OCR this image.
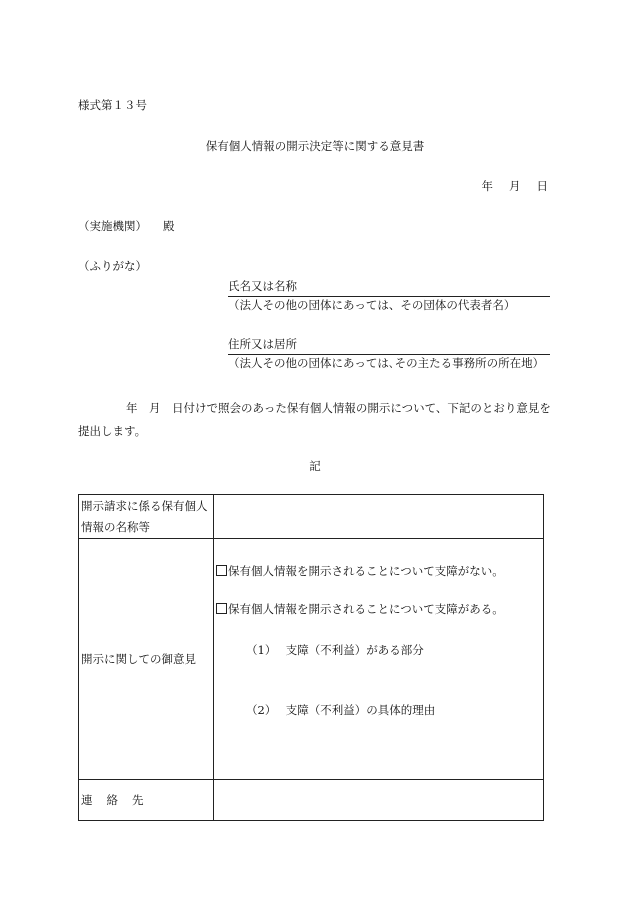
様式第１３号
保有個人情報の開示決定等に関する意見書
年 月 日
（実施機関） 殿
（ふりがな）
氏名又は名称
（法人その他の団体にあっては、その団体の代表者名）
住所又は居所
（法人その他の団体にあっては､その主たる事務所の所在地）
年　月　日付けで照会のあった保有個人情報の開示について、下記のとおり意見を提出します。
記
開示請求に係る保有個人情報の名称等	
開示に関しての御意見	保有個人情報を開示されることについて支障がない。
保有個人情報を開示されることについて支障がある。
（1）　 支障（不利益）がある部分
（2）　 支障（不利益）の具体的理由

連 絡 先	
